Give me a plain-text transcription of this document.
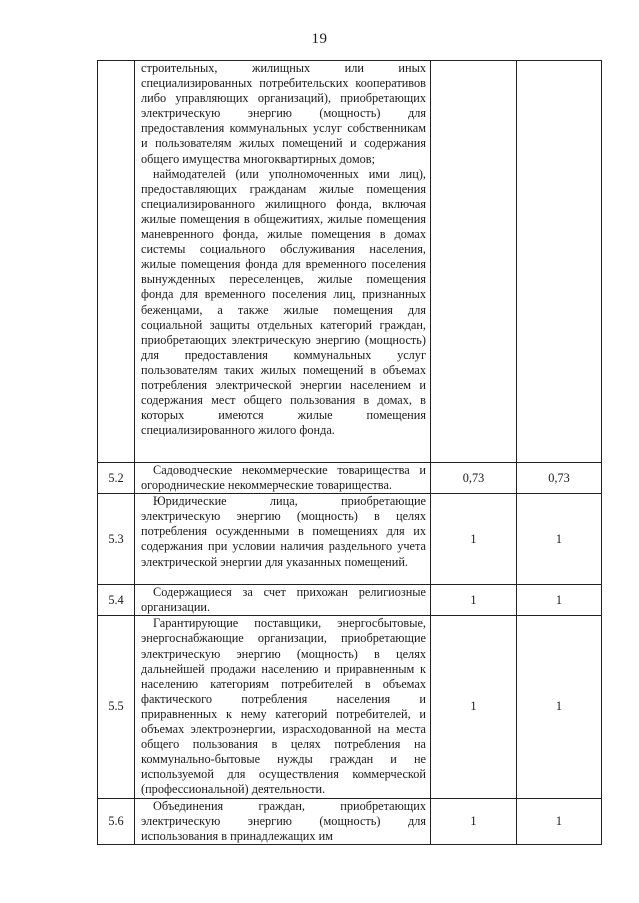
19

	строительных, жилищных или иных специализированных потребительских кооперативов либо управляющих организаций), приобретающих электрическую энергию (мощность) для предоставления коммунальных услуг собственникам и пользователям жилых помещений и содержания общего имущества многоквартирных домов;
наймодателей (или уполномоченных ими лиц), предоставляющих гражданам жилые помещения специализированного жилищного фонда, включая жилые помещения в общежитиях, жилые помещения маневренного фонда, жилые помещения в домах системы социального обслуживания населения, жилые помещения фонда для временного поселения вынужденных переселенцев, жилые помещения фонда для временного поселения лиц, признанных беженцами, а также жилые помещения для социальной защиты отдельных категорий граждан, приобретающих электрическую энергию (мощность) для предоставления коммунальных услуг пользователям таких жилых помещений в объемах потребления электрической энергии населением и содержания мест общего пользования в домах, в которых имеются жилые помещения специализированного жилого фонда.		

5.2	Садоводческие некоммерческие товарищества и огороднические некоммерческие товарищества.	0,73	0,73
5.3	Юридические лица, приобретающие электрическую энергию (мощность) в целях потребления осужденными в помещениях для их содержания при условии наличия раздельного учета электрической энергии для указанных помещений.	1	1
5.4	Содержащиеся за счет прихожан религиозные организации.	1	1
5.5	Гарантирующие поставщики, энергосбытовые, энергоснабжающие организации, приобретающие электрическую энергию (мощность) в целях дальнейшей продажи населению и приравненным к населению категориям потребителей в объемах фактического потребления населения и приравненных к нему категорий потребителей, и объемах электроэнергии, израсходованной на места общего пользования в целях потребления на коммунально-бытовые нужды граждан и не используемой для осуществления коммерческой (профессиональной) деятельности.	1	1
5.6	Объединения граждан, приобретающих электрическую энергию (мощность) для использования в принадлежащих им	1	1
